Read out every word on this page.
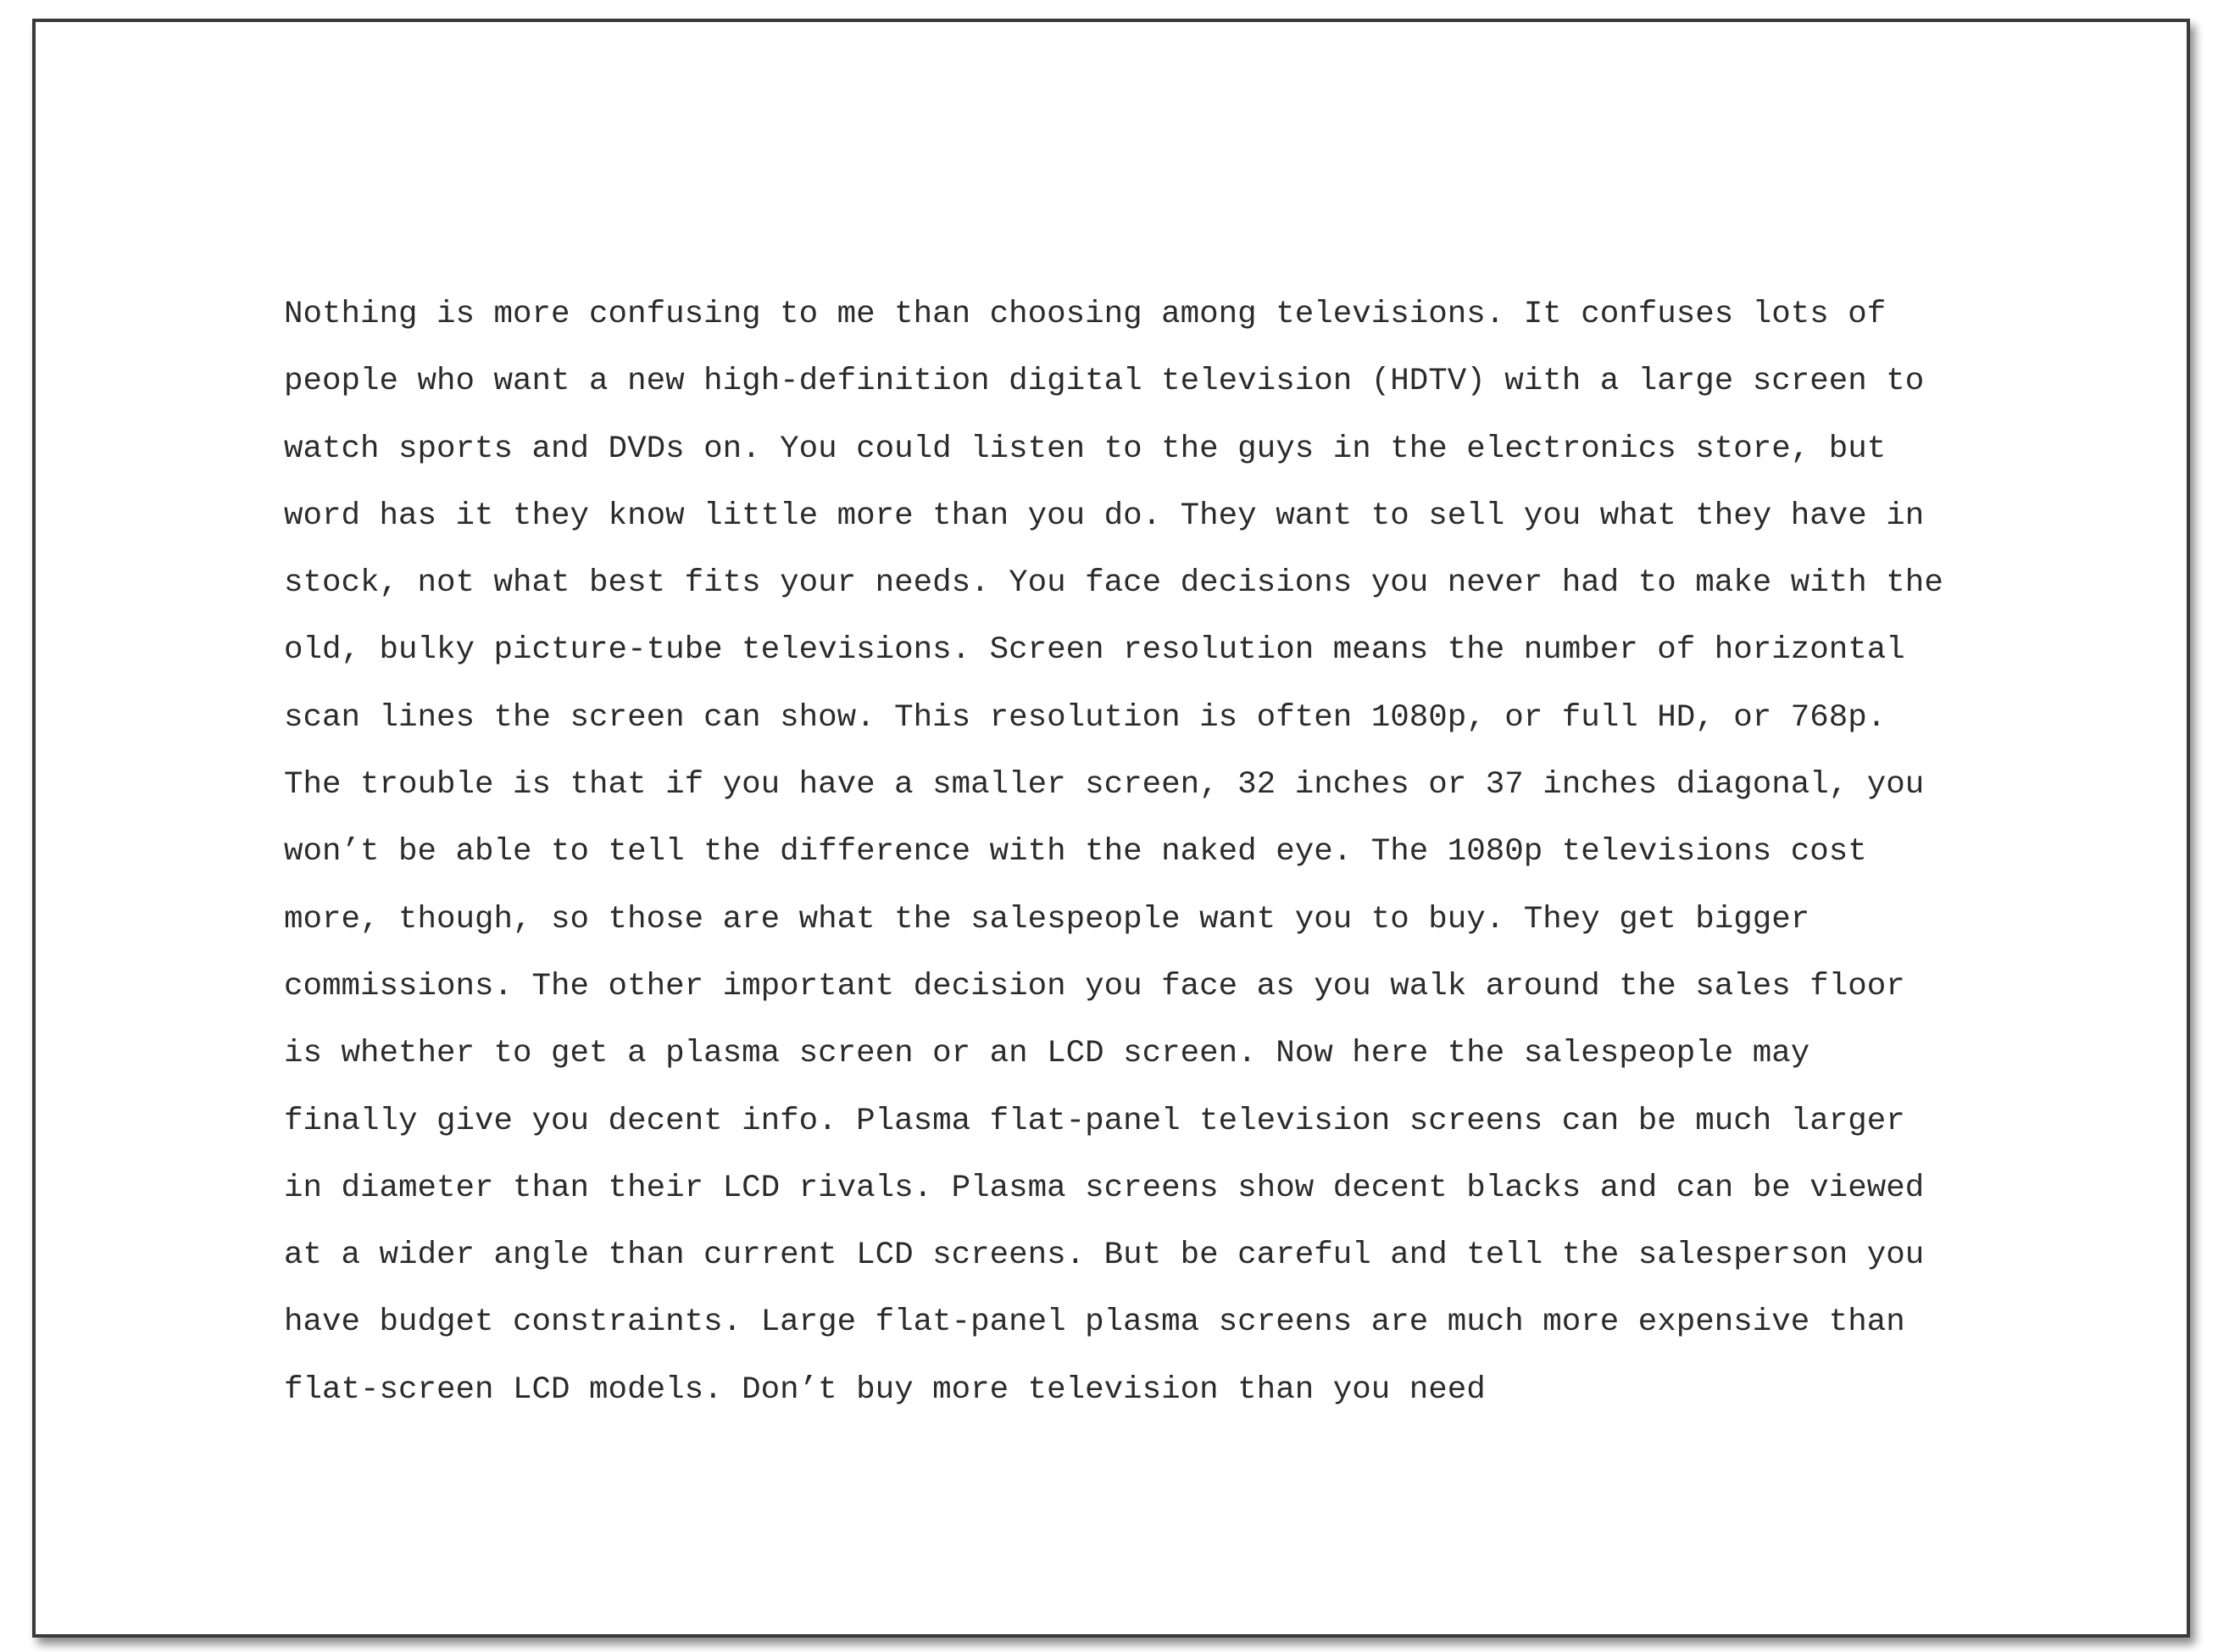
Nothing is more confusing to me than choosing among televisions. It confuses lots of
people who want a new high-definition digital television (HDTV) with a large screen to
watch sports and DVDs on. You could listen to the guys in the electronics store, but
word has it they know little more than you do. They want to sell you what they have in
stock, not what best fits your needs. You face decisions you never had to make with the
old, bulky picture-tube televisions. Screen resolution means the number of horizontal
scan lines the screen can show. This resolution is often 1080p, or full HD, or 768p.
The trouble is that if you have a smaller screen, 32 inches or 37 inches diagonal, you
won’t be able to tell the difference with the naked eye. The 1080p televisions cost
more, though, so those are what the salespeople want you to buy. They get bigger
commissions. The other important decision you face as you walk around the sales floor
is whether to get a plasma screen or an LCD screen. Now here the salespeople may
finally give you decent info. Plasma flat-panel television screens can be much larger
in diameter than their LCD rivals. Plasma screens show decent blacks and can be viewed
at a wider angle than current LCD screens. But be careful and tell the salesperson you
have budget constraints. Large flat-panel plasma screens are much more expensive than
flat-screen LCD models. Don’t buy more television than you need
